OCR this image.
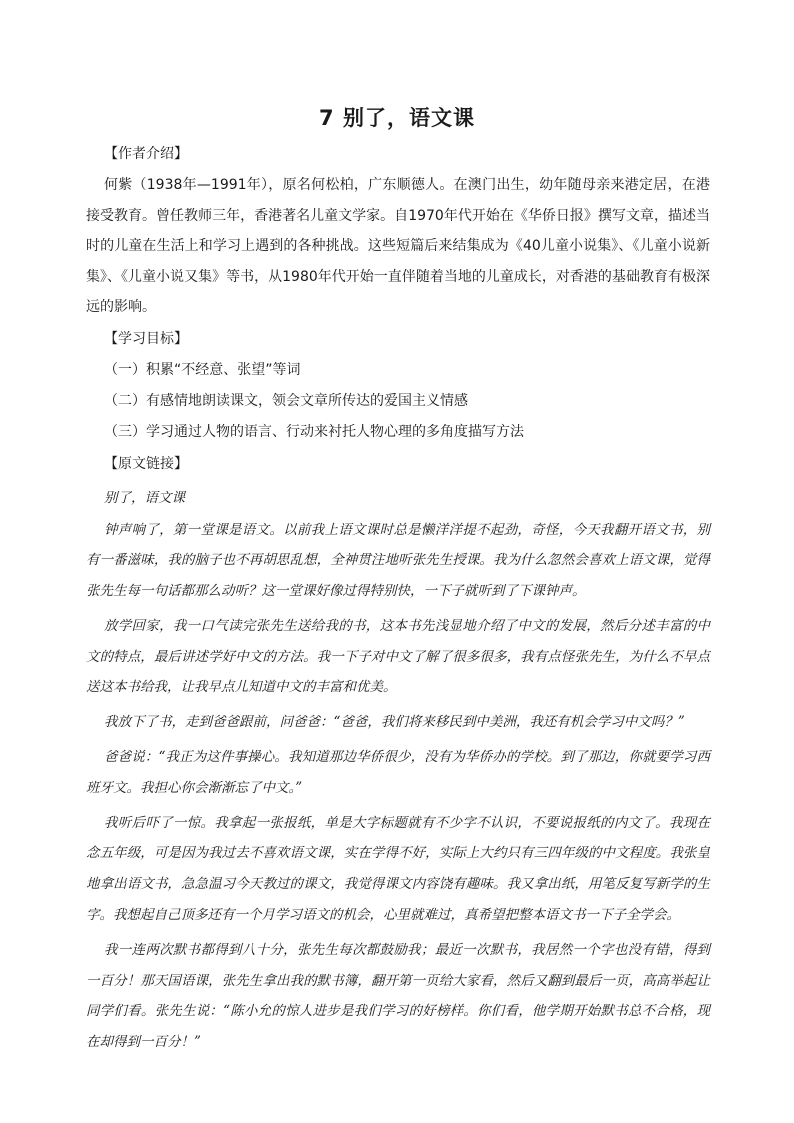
7 别了，语文课
【作者介绍】

何紫（1938年—1991年），原名何松柏，广东顺德人。在澳门出生，幼年随母亲来港定居，在港接受教育。曾任教师三年，香港著名儿童文学家。自1970年代开始在《华侨日报》撰写文章，描述当时的儿童在生活上和学习上遇到的各种挑战。这些短篇后来结集成为《40儿童小说集》、《儿童小说新集》、《儿童小说又集》等书，从1980年代开始一直伴随着当地的儿童成长，对香港的基础教育有极深远的影响。

【学习目标】
（一）积累“不经意、张望”等词
（二）有感情地朗读课文，领会文章所传达的爱国主义情感
（三）学习通过人物的语言、行动来衬托人物心理的多角度描写方法
【原文链接】
别了，语文课

钟声响了，第一堂课是语文。以前我上语文课时总是懒洋洋提不起劲，奇怪，今天我翻开语文书，别有一番滋味，我的脑子也不再胡思乱想，全神贯注地听张先生授课。我为什么忽然会喜欢上语文课，觉得张先生每一句话都那么动听？这一堂课好像过得特别快，一下子就听到了下课钟声。

放学回家，我一口气读完张先生送给我的书，这本书先浅显地介绍了中文的发展，然后分述丰富的中文的特点，最后讲述学好中文的方法。我一下子对中文了解了很多很多，我有点怪张先生，为什么不早点送这本书给我，让我早点儿知道中文的丰富和优美。

我放下了书，走到爸爸跟前，问爸爸：“爸爸，我们将来移民到中美洲，我还有机会学习中文吗？”

爸爸说：“我正为这件事操心。我知道那边华侨很少，没有为华侨办的学校。到了那边，你就要学习西班牙文。我担心你会渐渐忘了中文。”

我听后吓了一惊。我拿起一张报纸，单是大字标题就有不少字不认识，不要说报纸的内文了。我现在念五年级，可是因为我过去不喜欢语文课，实在学得不好，实际上大约只有三四年级的中文程度。我张皇地拿出语文书，急急温习今天教过的课文，我觉得课文内容饶有趣味。我又拿出纸，用笔反复写新学的生字。我想起自己顶多还有一个月学习语文的机会，心里就难过，真希望把整本语文书一下子全学会。

我一连两次默书都得到八十分，张先生每次都鼓励我；最近一次默书，我居然一个字也没有错，得到一百分！那天国语课，张先生拿出我的默书簿，翻开第一页给大家看，然后又翻到最后一页，高高举起让同学们看。张先生说：“陈小允的惊人进步是我们学习的好榜样。你们看，他学期开始默书总不合格，现在却得到一百分！”
